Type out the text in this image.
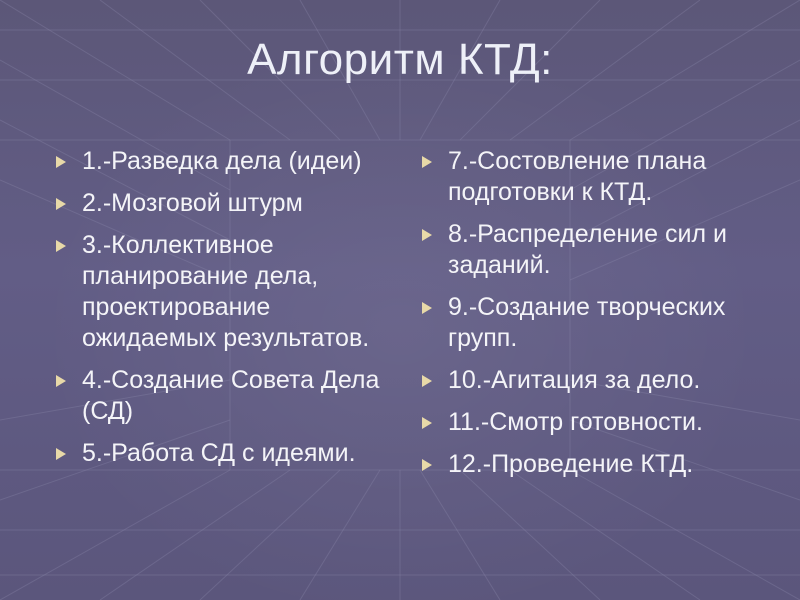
Алгоритм КТД:
1.-Разведка дела (идеи)
2.-Мозговой штурм
3.-Коллективное планирование дела, проектирование ожидаемых результатов.
4.-Создание Совета Дела (СД)
5.-Работа СД с идеями.
7.-Состовление плана подготовки к КТД.
8.-Распределение сил и заданий.
9.-Создание творческих групп.
10.-Агитация за дело.
11.-Смотр готовности.
12.-Проведение КТД.
